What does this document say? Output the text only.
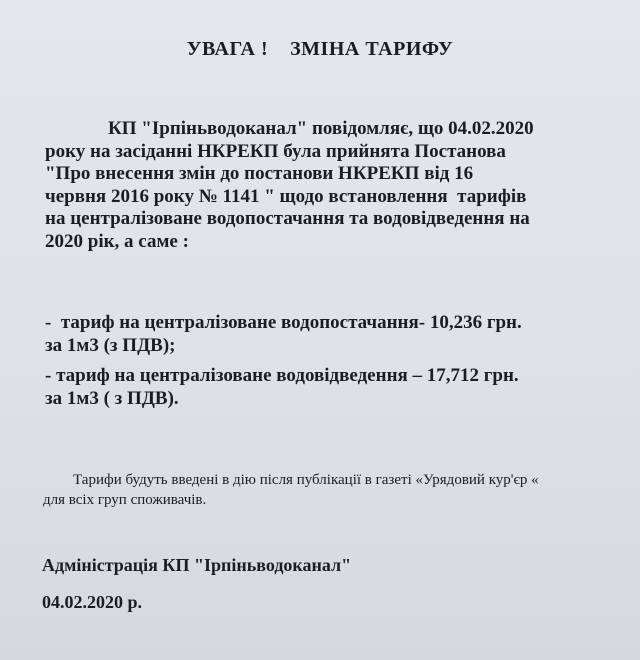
УВАГА !    ЗМІНА ТАРИФУ
КП "Ірпіньводоканал" повідомляє, що 04.02.2020
року на засіданні НКРЕКП була прийнята Постанова
"Про внесення змін до постанови НКРЕКП від 16
червня 2016 року № 1141 " щодо встановлення  тарифів
на централізоване водопостачання та водовідведення на
2020 рік, а саме :
-  тариф на централізоване водопостачання- 10,236 грн.
за 1м3 (з ПДВ);
- тариф на централізоване водовідведення – 17,712 грн.
за 1м3 ( з ПДВ).
Тарифи будуть введені в дію після публікації в газеті «Урядовий кур'єр «
для всіх груп споживачів.
Адміністрація КП "Ірпіньводоканал"
04.02.2020 р.
